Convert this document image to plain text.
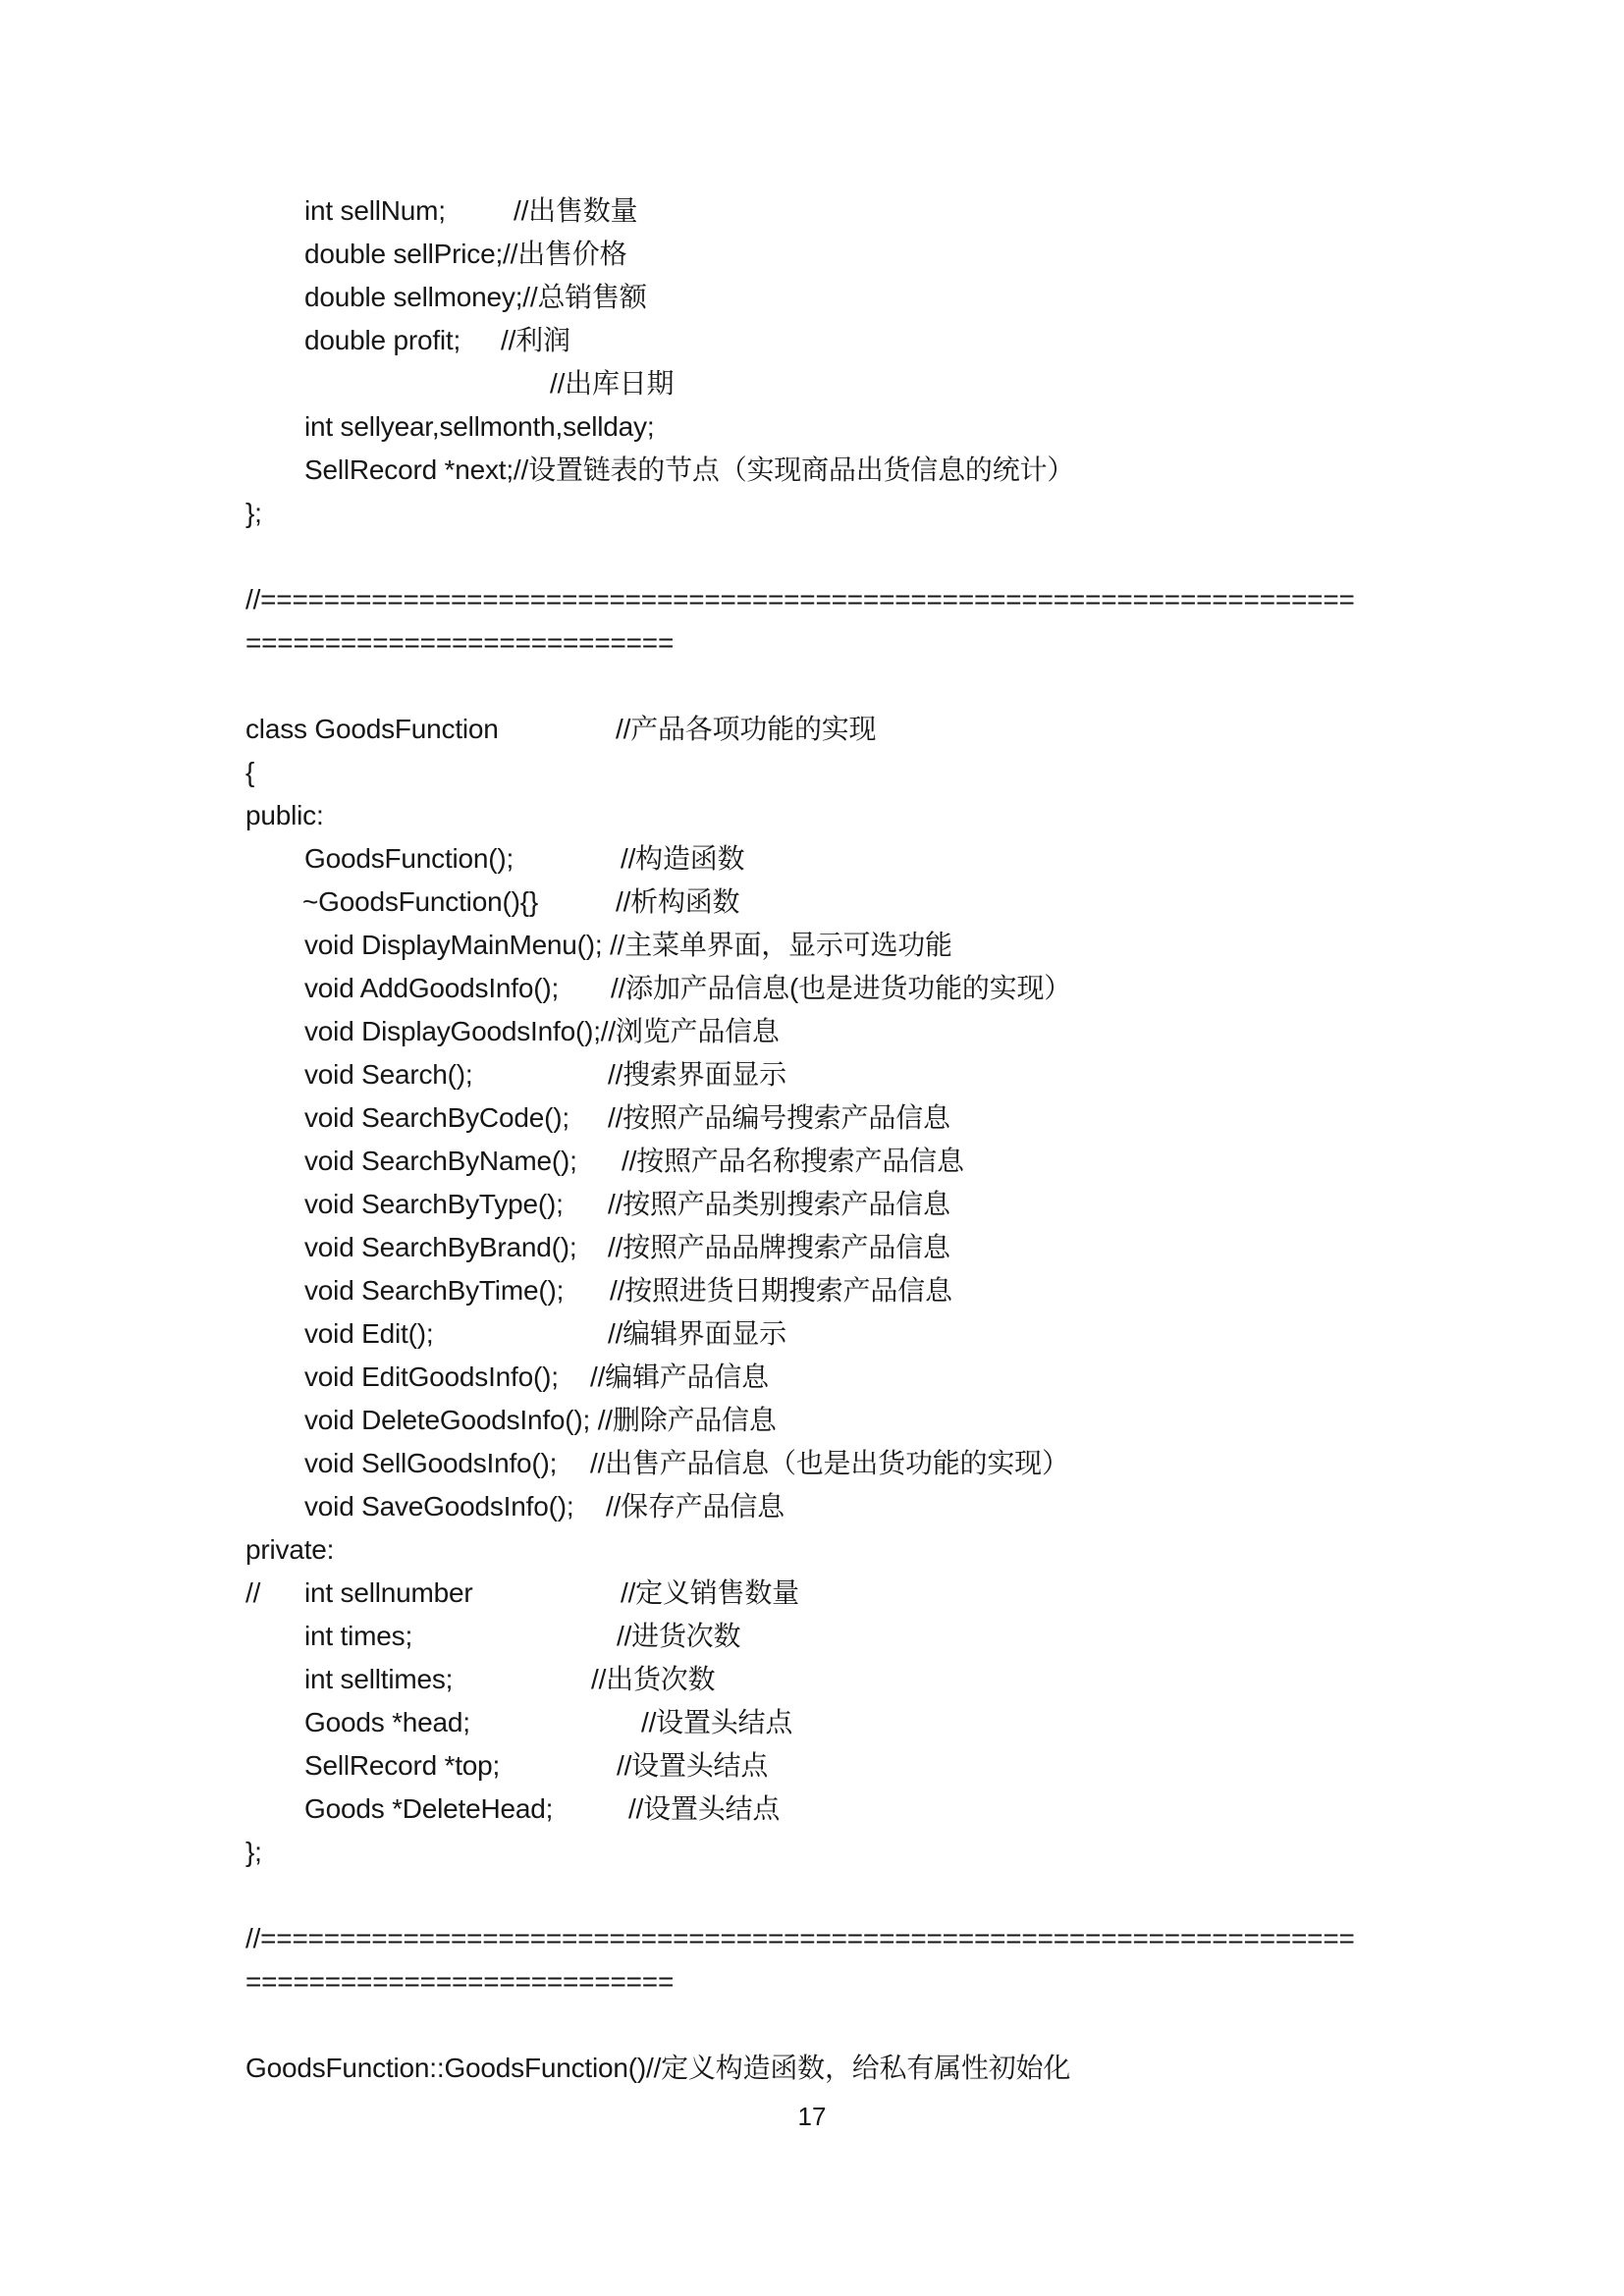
int sellNum; //出售数量
double sellPrice;//出售价格
double sellmoney;//总销售额
double profit; //利润
//出库日期
int sellyear,sellmonth,sellday;
SellRecord *next;//设置链表的节点（实现商品出货信息的统计）
};
//=====================================================================
===========================
class GoodsFunction	//产品各项功能的实现
{
public:
GoodsFunction();	//构造函数
~GoodsFunction(){}	//析构函数
void DisplayMainMenu(); //主菜单界面，显示可选功能
void AddGoodsInfo(); //添加产品信息(也是进货功能的实现）
void DisplayGoodsInfo();//浏览产品信息
void Search();	//搜索界面显示
void SearchByCode(); //按照产品编号搜索产品信息
void SearchByName(); //按照产品名称搜索产品信息
void SearchByType(); //按照产品类别搜索产品信息
void SearchByBrand(); //按照产品品牌搜索产品信息
void SearchByTime(); //按照进货日期搜索产品信息
void Edit();	//编辑界面显示
void EditGoodsInfo(); //编辑产品信息
void DeleteGoodsInfo(); //删除产品信息
void SellGoodsInfo(); //出售产品信息（也是出货功能的实现）
void SaveGoodsInfo(); //保存产品信息
private:
// int sellnumber	//定义销售数量
int times;	//进货次数
int selltimes;	//出货次数
Goods *head;	//设置头结点
SellRecord *top;	//设置头结点
Goods *DeleteHead;	//设置头结点
};
//=====================================================================
===========================
GoodsFunction::GoodsFunction()//定义构造函数，给私有属性初始化
17
